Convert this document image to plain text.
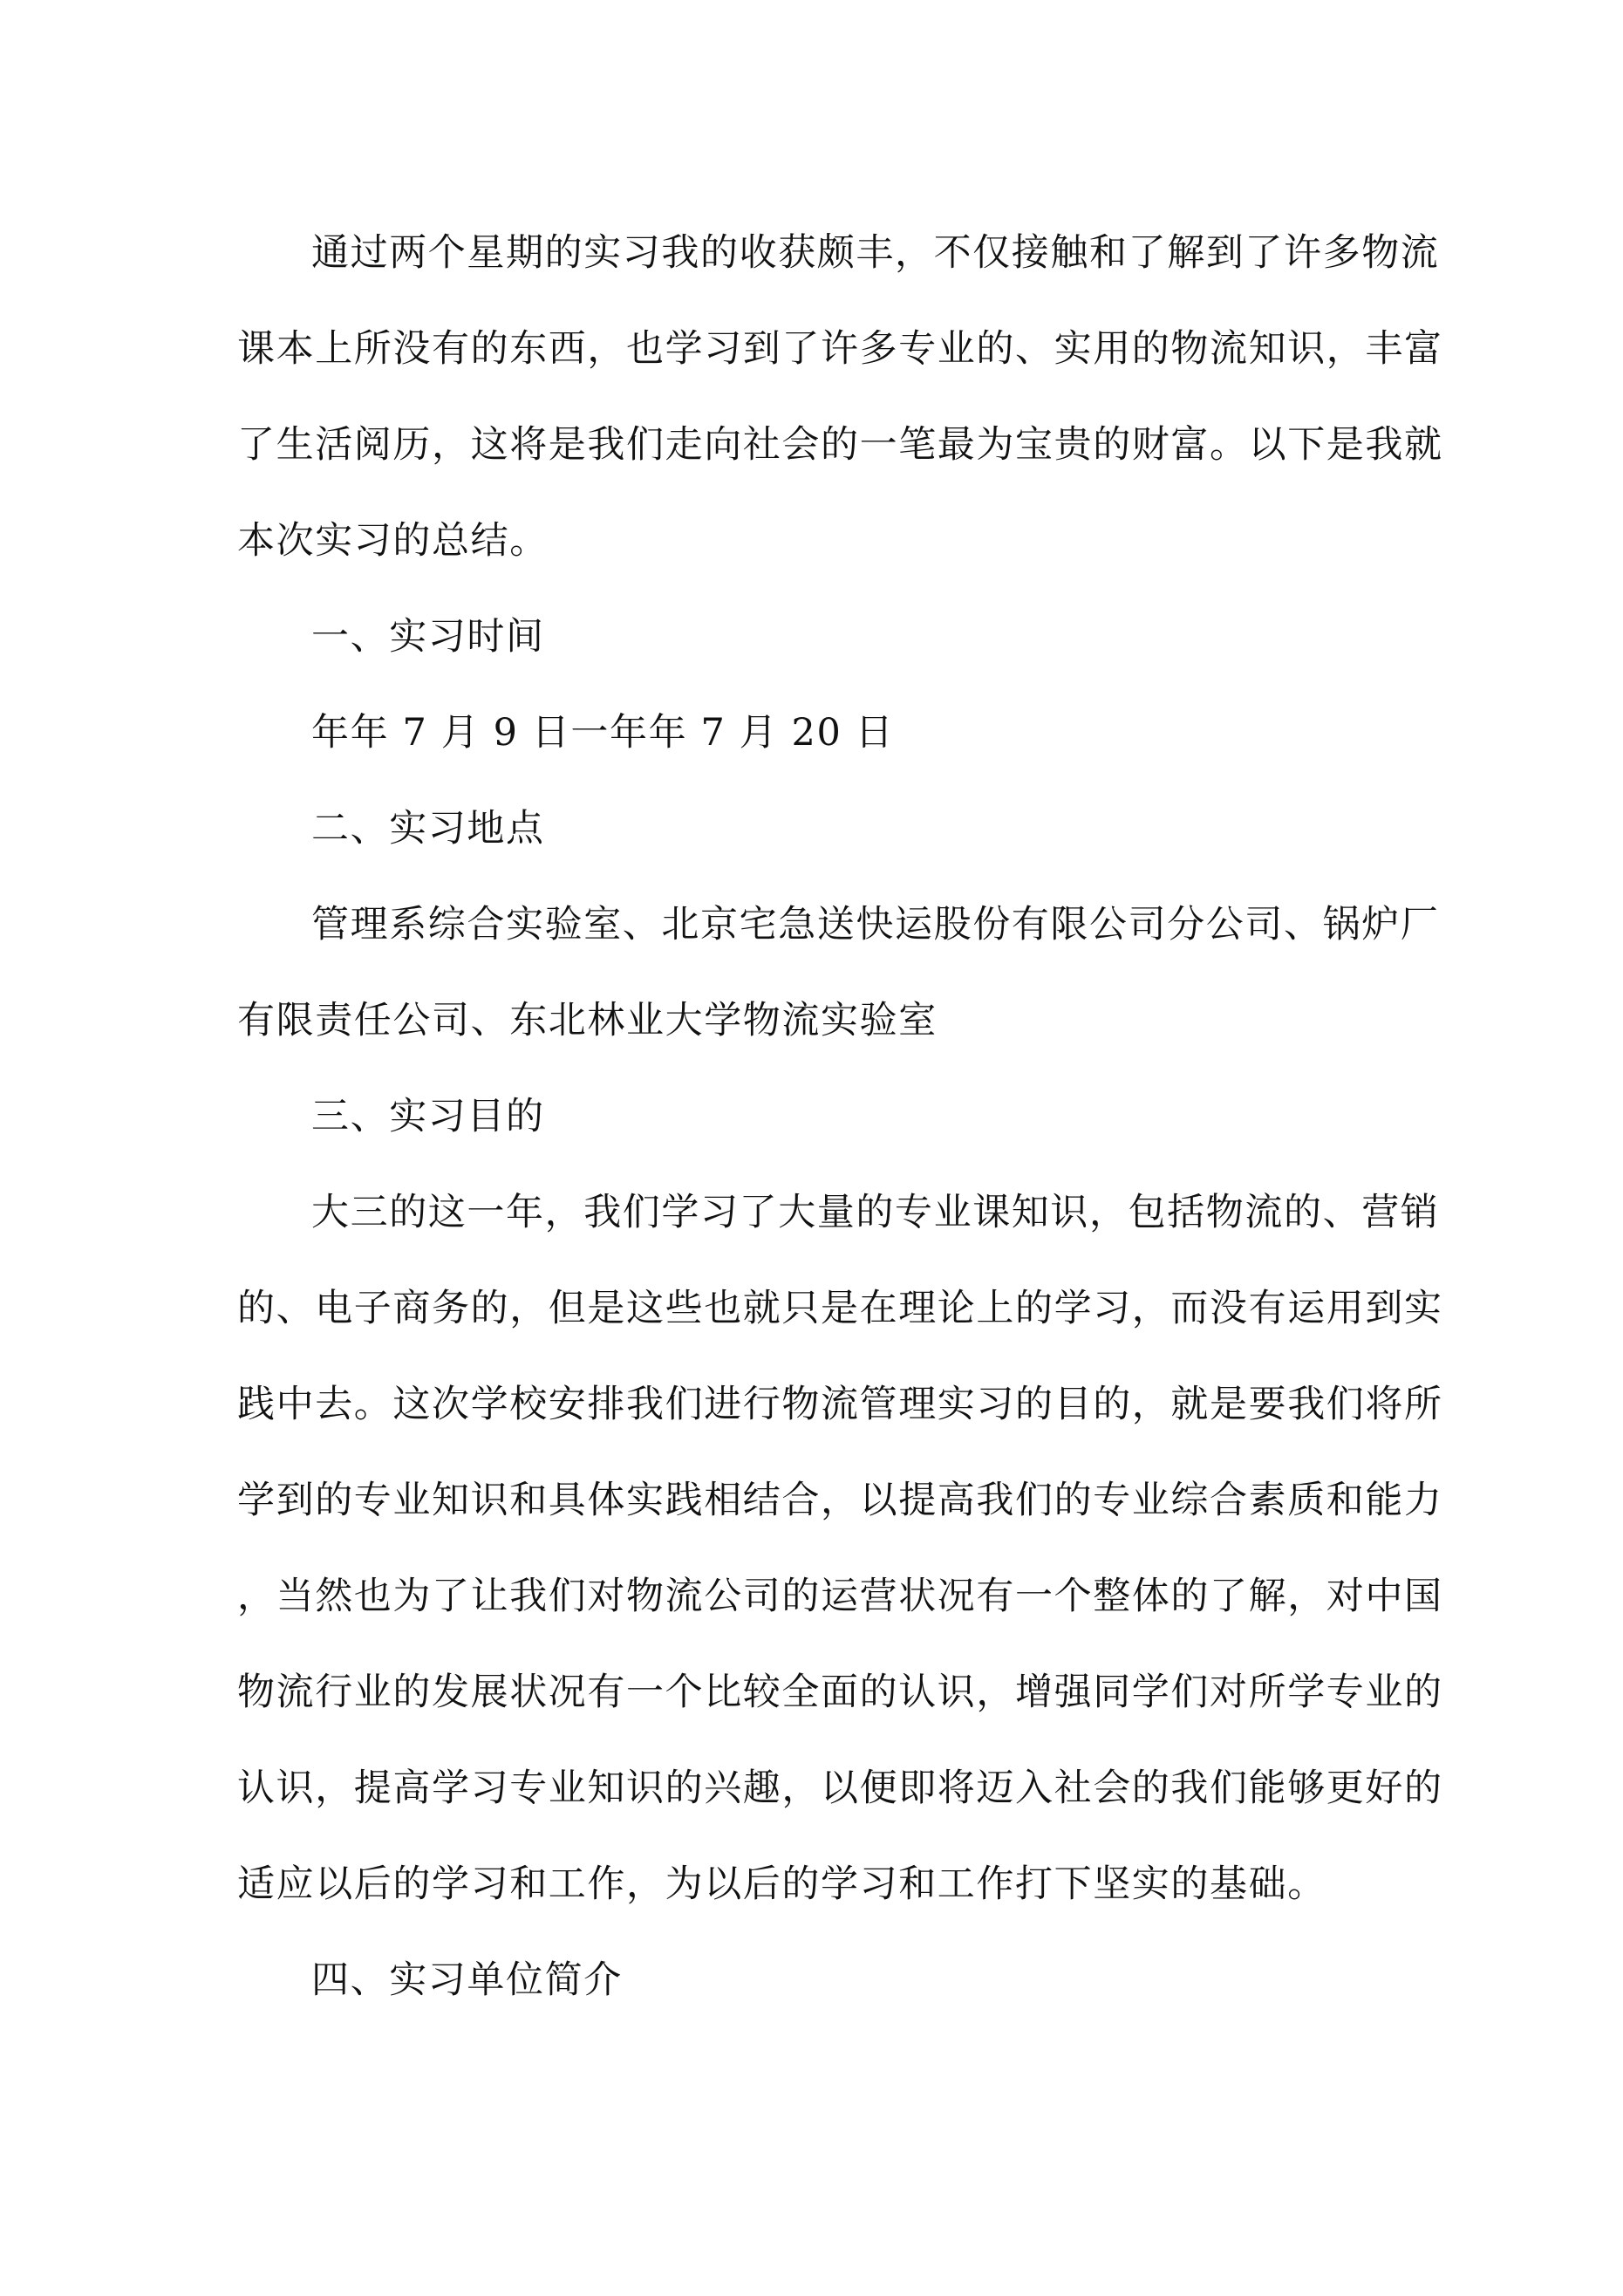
通过两个星期的实习我的收获颇丰，不仅接触和了解到了许多物流
课本上所没有的东西，也学习到了许多专业的、实用的物流知识，丰富
了生活阅历，这将是我们走向社会的一笔最为宝贵的财富。以下是我就
本次实习的总结。
一、实习时间
年年 7 月 9 日一年年 7 月 20 日
二、实习地点
管理系综合实验室、北京宅急送快运股份有限公司分公司、锅炉厂
有限责任公司、东北林业大学物流实验室
三、实习目的
大三的这一年，我们学习了大量的专业课知识，包括物流的、营销
的、电子商务的，但是这些也就只是在理论上的学习，而没有运用到实
践中去。这次学校安排我们进行物流管理实习的目的，就是要我们将所
学到的专业知识和具体实践相结合，以提高我们的专业综合素质和能力
，当然也为了让我们对物流公司的运营状况有一个整体的了解，对中国
物流行业的发展状况有一个比较全面的认识，增强同学们对所学专业的
认识，提高学习专业知识的兴趣，以便即将迈入社会的我们能够更好的
适应以后的学习和工作，为以后的学习和工作打下坚实的基础。
四、实习单位简介
